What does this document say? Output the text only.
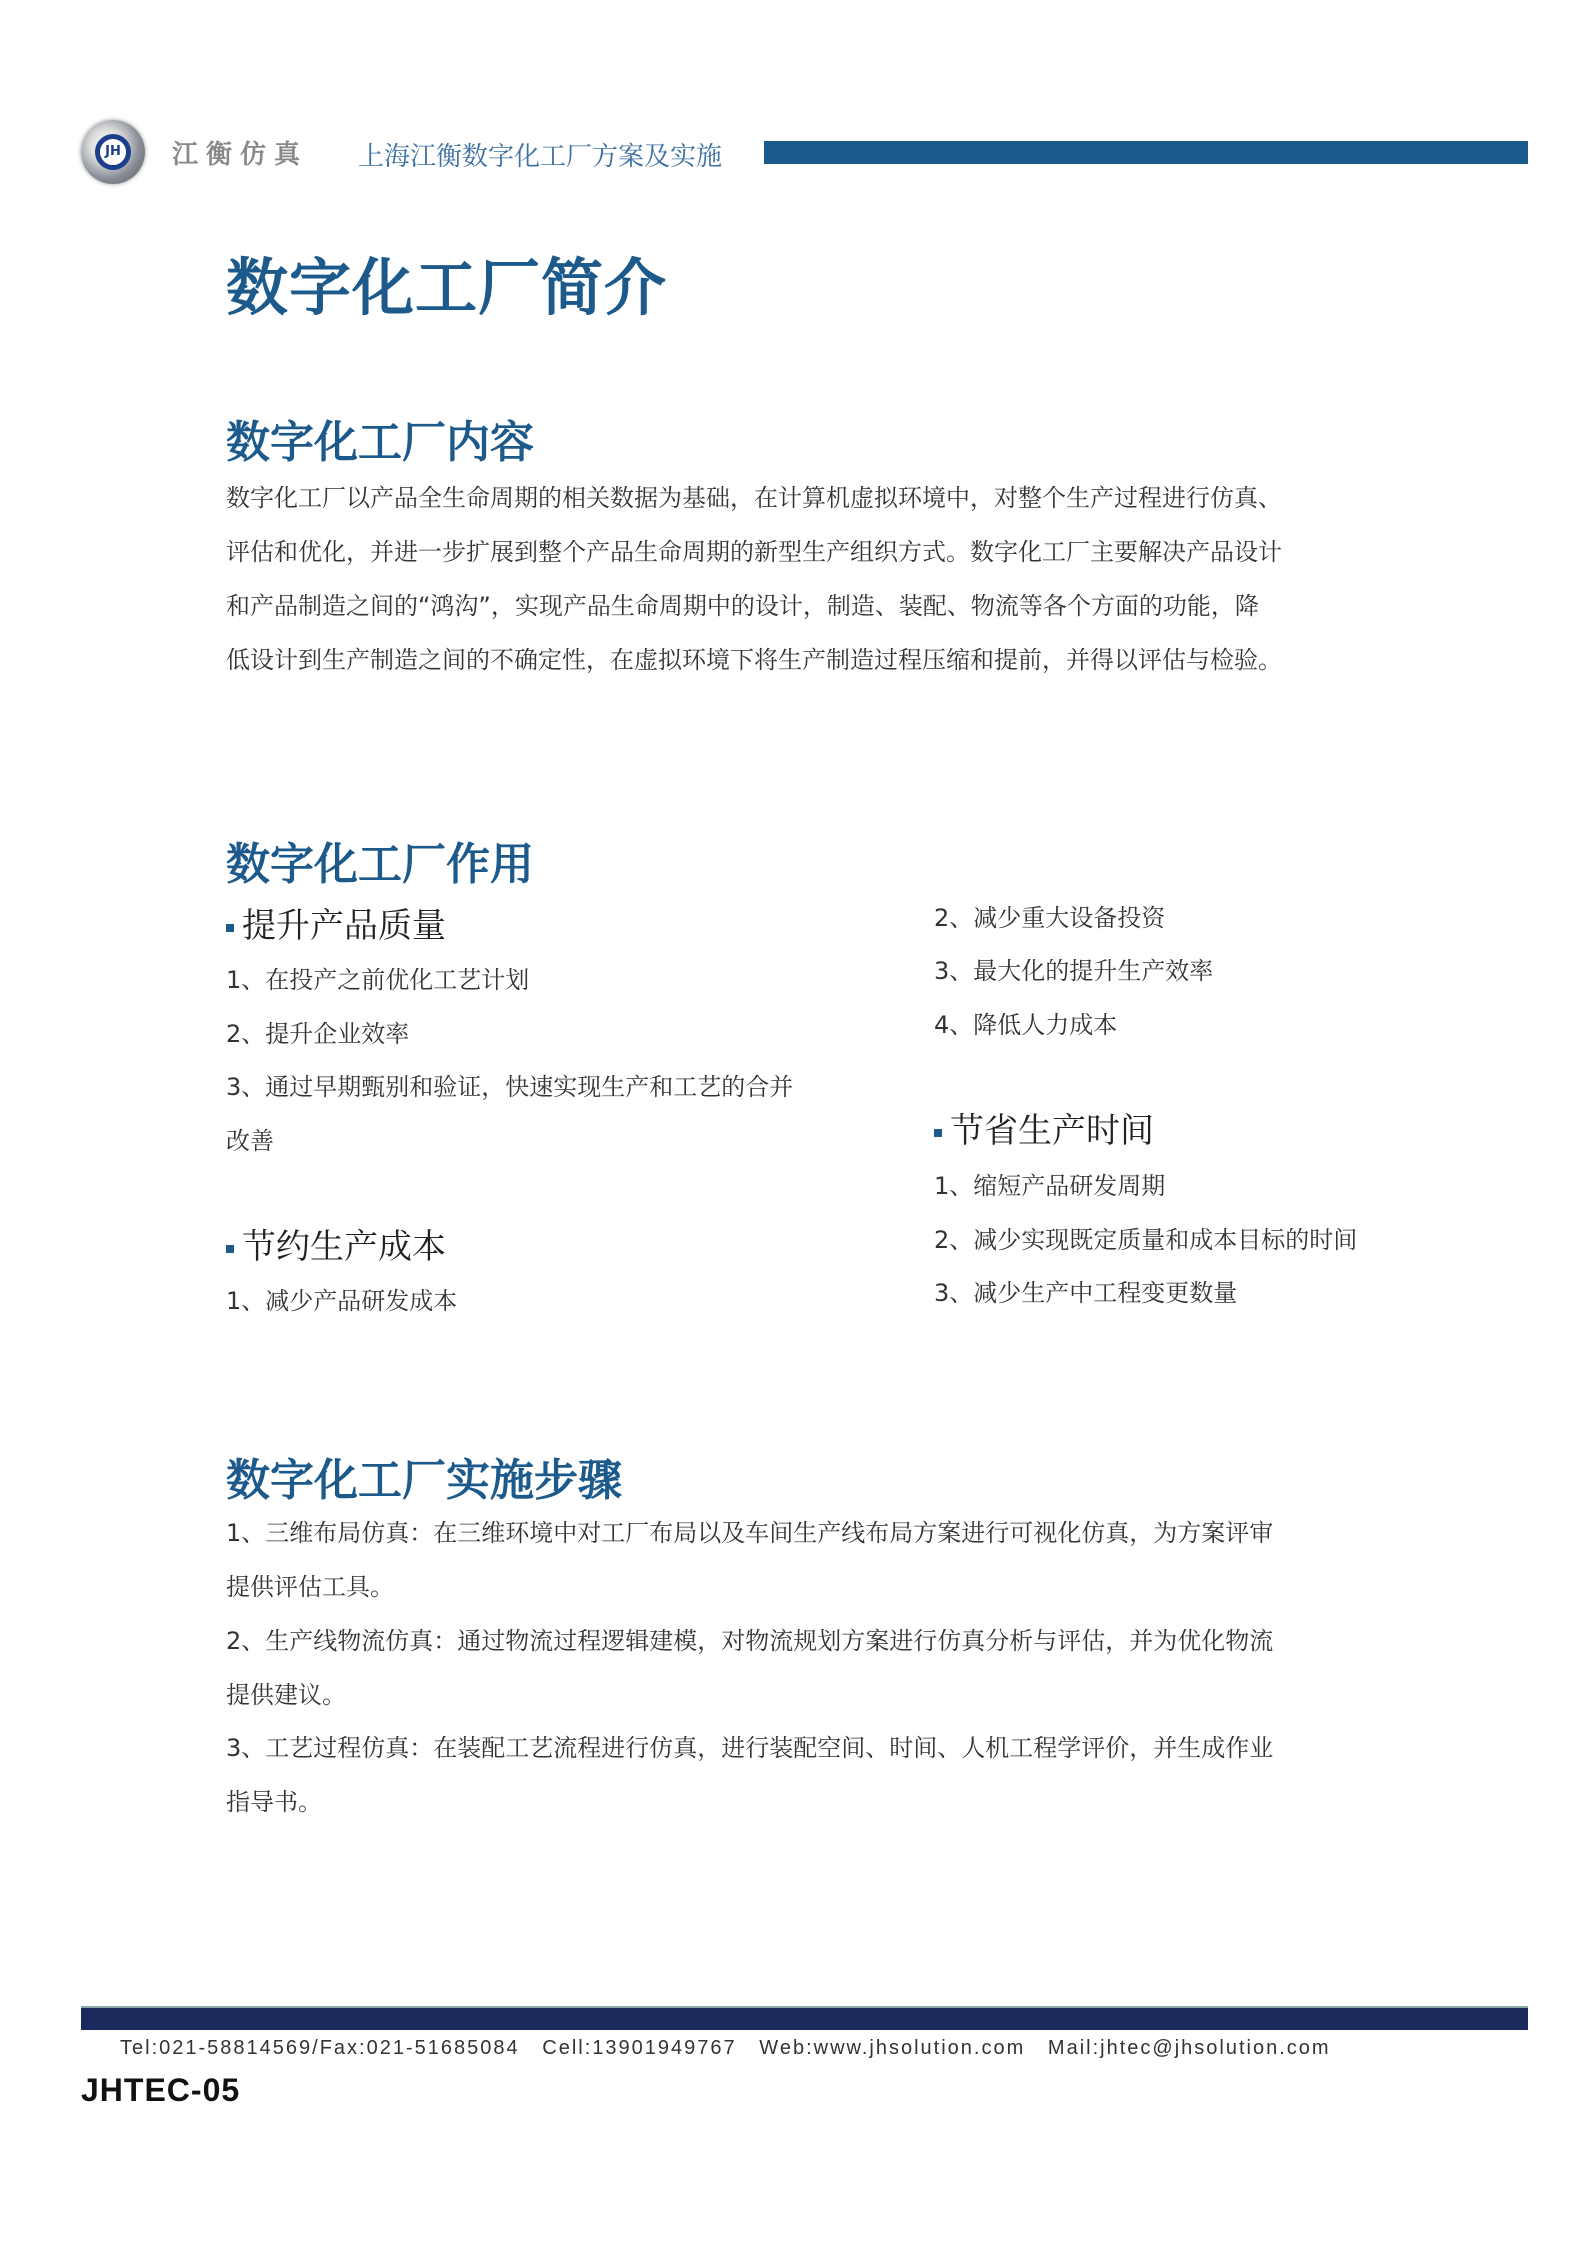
JH	江衡仿真 上海江衡数字化工厂方案及实施
数字化工厂简介
数字化工厂内容
数字化工厂以产品全生命周期的相关数据为基础，在计算机虚拟环境中，对整个生产过程进行仿真、
评估和优化，并进一步扩展到整个产品生命周期的新型生产组织方式。数字化工厂主要解决产品设计
和产品制造之间的“鸿沟”，实现产品生命周期中的设计，制造、装配、物流等各个方面的功能，降
低设计到生产制造之间的不确定性，在虚拟环境下将生产制造过程压缩和提前，并得以评估与检验。
数字化工厂作用
提升产品质量
1、在投产之前优化工艺计划
2、提升企业效率
3、通过早期甄别和验证，快速实现生产和工艺的合并
改善
节约生产成本
1、减少产品研发成本
2、减少重大设备投资
3、最大化的提升生产效率
4、降低人力成本
节省生产时间
1、缩短产品研发周期
2、减少实现既定质量和成本目标的时间
3、减少生产中工程变更数量
数字化工厂实施步骤
1、三维布局仿真：在三维环境中对工厂布局以及车间生产线布局方案进行可视化仿真，为方案评审
提供评估工具。
2、生产线物流仿真：通过物流过程逻辑建模，对物流规划方案进行仿真分析与评估，并为优化物流
提供建议。
3、工艺过程仿真：在装配工艺流程进行仿真，进行装配空间、时间、人机工程学评价，并生成作业
指导书。
Tel:021-58814569/Fax:021-51685084   Cell:13901949767   Web:www.jhsolution.com   Mail:jhtec@jhsolution.com
JHTEC-05
